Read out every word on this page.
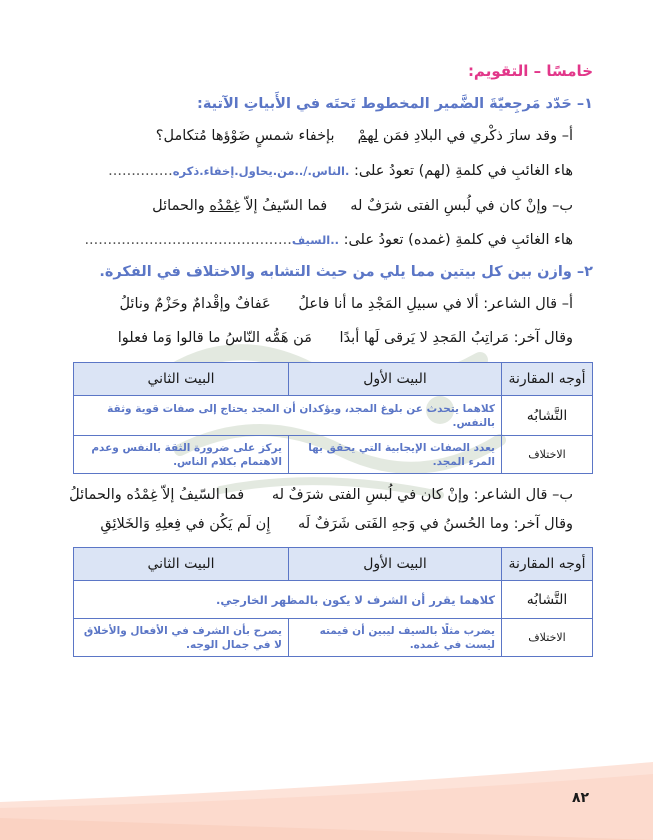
خامسًا – التقويم:
١– حَدّد مَرجِعيّةَ الضَّمير المخطوط تَحتَه في الأَبياتِ الآتية:
أ– وقد سارَ ذكْري في البلادِ فمَن لهمْ     بإخفاء شمسٍ ضَوْؤها مُتكامل؟
هاء الغائبِ في كلمةِ (لهم) تعودُ على: .الناس./..من.يحاول.إخفاء.ذكره..............
ب– وإنْ كان في لُبسِ الفتى شرَفٌ له     فما السّيفُ إلاّ غِمْدُه والحمائل
هاء الغائبِ في كلمةِ (غمده) تعودُ على: ..السيف.............................................
٢– وازن بين كل بيتين مما يلي من حيث التشابه والاختلاف في الفكرة.
أ– قال الشاعر: ألا في سبيلِ المَجْدِ ما أنا فاعلُ      عَفافٌ وإقْدامٌ وحَزْمٌ ونائلُ
وقال آخر: مَراتِبُ المَجدِ لا يَرقى لَها أبدًا      مَن هَمُّه النّاسُ ما قالوا وَما فعلوا
أوجه المقارنة	البيت الأول	البيت الثاني
التَّشابُه	كلاهما يتحدث عن بلوغ المجد، ويؤكدان أن المجد يحتاج إلى صفات قوية وثقة بالنفس.	
الاختلاف	يعدد الصفات الإيجابية التي يحقق بها المرء المجد.	يركز على ضرورة الثقة بالنفس وعدم الاهتمام بكلام الناس.
ب– قال الشاعر: وإنْ كان في لُبسِ الفتى شرَفٌ له      فما السّيفُ إلاّ غِمْدُه والحمائلُ
وقال آخر: وما الحُسنُ في وَجهِ الفَتى شَرَفٌ لَه      إِن لَم يَكُن في فِعلِهِ وَالخَلائِقِ
أوجه المقارنة	البيت الأول	البيت الثاني
التَّشابُه	كلاهما يقرر أن الشرف لا يكون بالمظهر الخارجي.	
الاختلاف	يضرب مثلًا بالسيف ليبين أن قيمته ليست في غمده.	يصرح بأن الشرف في الأفعال والأخلاق لا في جمال الوجه.
٨٢
